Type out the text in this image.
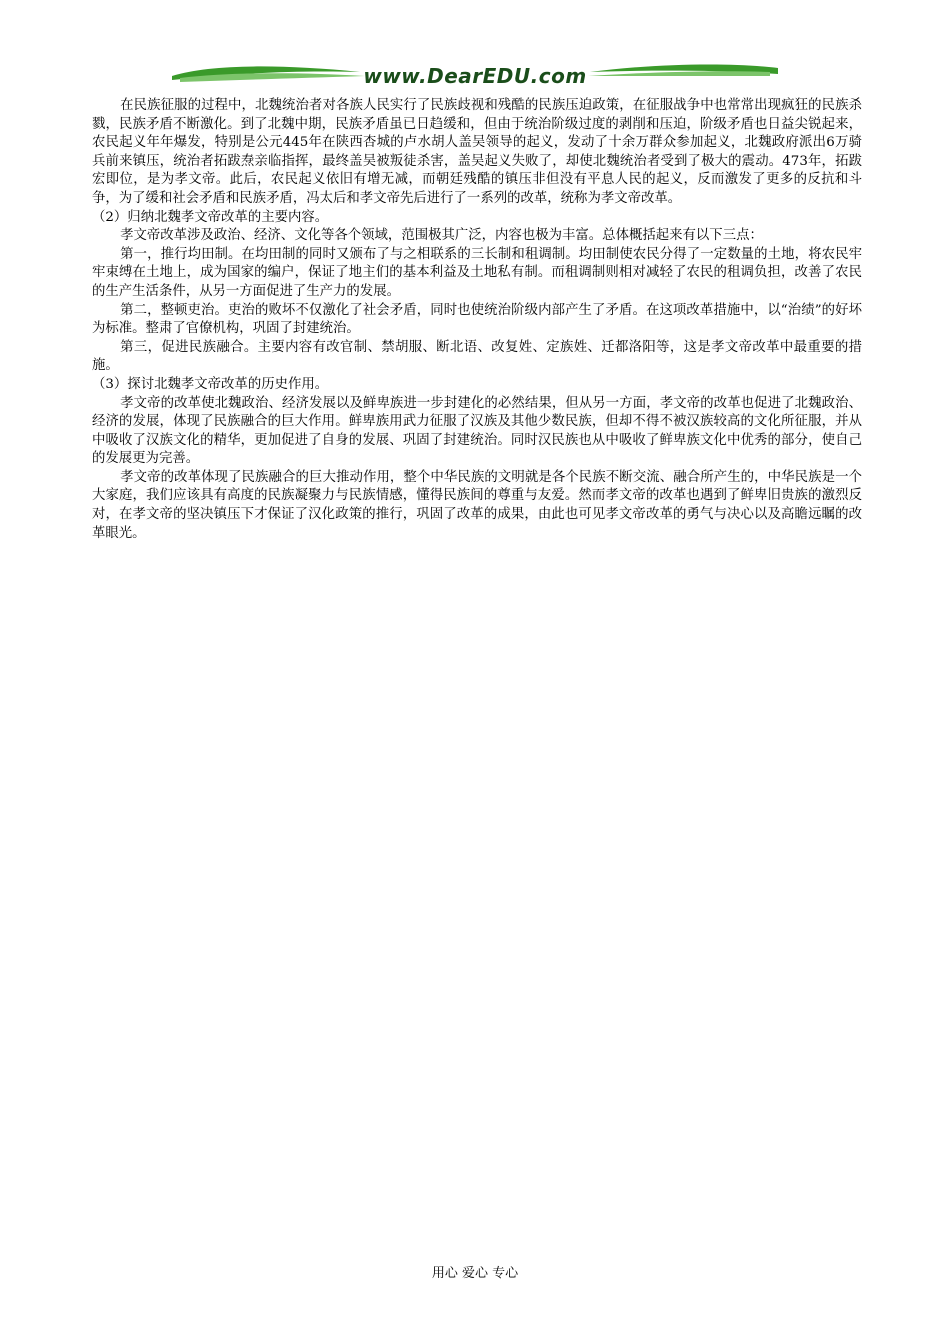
www.DearEDU.com

在民族征服的过程中，北魏统治者对各族人民实行了民族歧视和残酷的民族压迫政策，在征服战争中也常常出现疯狂的民族杀戮，民族矛盾不断激化。到了北魏中期，民族矛盾虽已日趋缓和，但由于统治阶级过度的剥削和压迫，阶级矛盾也日益尖锐起来，农民起义年年爆发，特别是公元445年在陕西杏城的卢水胡人盖吴领导的起义，发动了十余万群众参加起义，北魏政府派出6万骑兵前来镇压，统治者拓跋焘亲临指挥，最终盖吴被叛徒杀害，盖吴起义失败了，却使北魏统治者受到了极大的震动。473年，拓跋宏即位，是为孝文帝。此后，农民起义依旧有增无减，而朝廷残酷的镇压非但没有平息人民的起义，反而激发了更多的反抗和斗争，为了缓和社会矛盾和民族矛盾，冯太后和孝文帝先后进行了一系列的改革，统称为孝文帝改革。

（2）归纳北魏孝文帝改革的主要内容。

孝文帝改革涉及政治、经济、文化等各个领域，范围极其广泛，内容也极为丰富。总体概括起来有以下三点：

第一，推行均田制。在均田制的同时又颁布了与之相联系的三长制和租调制。均田制使农民分得了一定数量的土地，将农民牢牢束缚在土地上，成为国家的编户，保证了地主们的基本利益及土地私有制。而租调制则相对减轻了农民的租调负担，改善了农民的生产生活条件，从另一方面促进了生产力的发展。

第二，整顿吏治。吏治的败坏不仅激化了社会矛盾，同时也使统治阶级内部产生了矛盾。在这项改革措施中，以“治绩”的好坏为标准。整肃了官僚机构，巩固了封建统治。

第三，促进民族融合。主要内容有改官制、禁胡服、断北语、改复姓、定族姓、迁都洛阳等，这是孝文帝改革中最重要的措施。

（3）探讨北魏孝文帝改革的历史作用。

孝文帝的改革使北魏政治、经济发展以及鲜卑族进一步封建化的必然结果，但从另一方面，孝文帝的改革也促进了北魏政治、经济的发展，体现了民族融合的巨大作用。鲜卑族用武力征服了汉族及其他少数民族，但却不得不被汉族较高的文化所征服，并从中吸收了汉族文化的精华，更加促进了自身的发展、巩固了封建统治。同时汉民族也从中吸收了鲜卑族文化中优秀的部分，使自己的发展更为完善。

孝文帝的改革体现了民族融合的巨大推动作用，整个中华民族的文明就是各个民族不断交流、融合所产生的，中华民族是一个大家庭，我们应该具有高度的民族凝聚力与民族情感，懂得民族间的尊重与友爱。然而孝文帝的改革也遇到了鲜卑旧贵族的激烈反对，在孝文帝的坚决镇压下才保证了汉化政策的推行，巩固了改革的成果，由此也可见孝文帝改革的勇气与决心以及高瞻远瞩的改革眼光。

用心 爱心 专心
